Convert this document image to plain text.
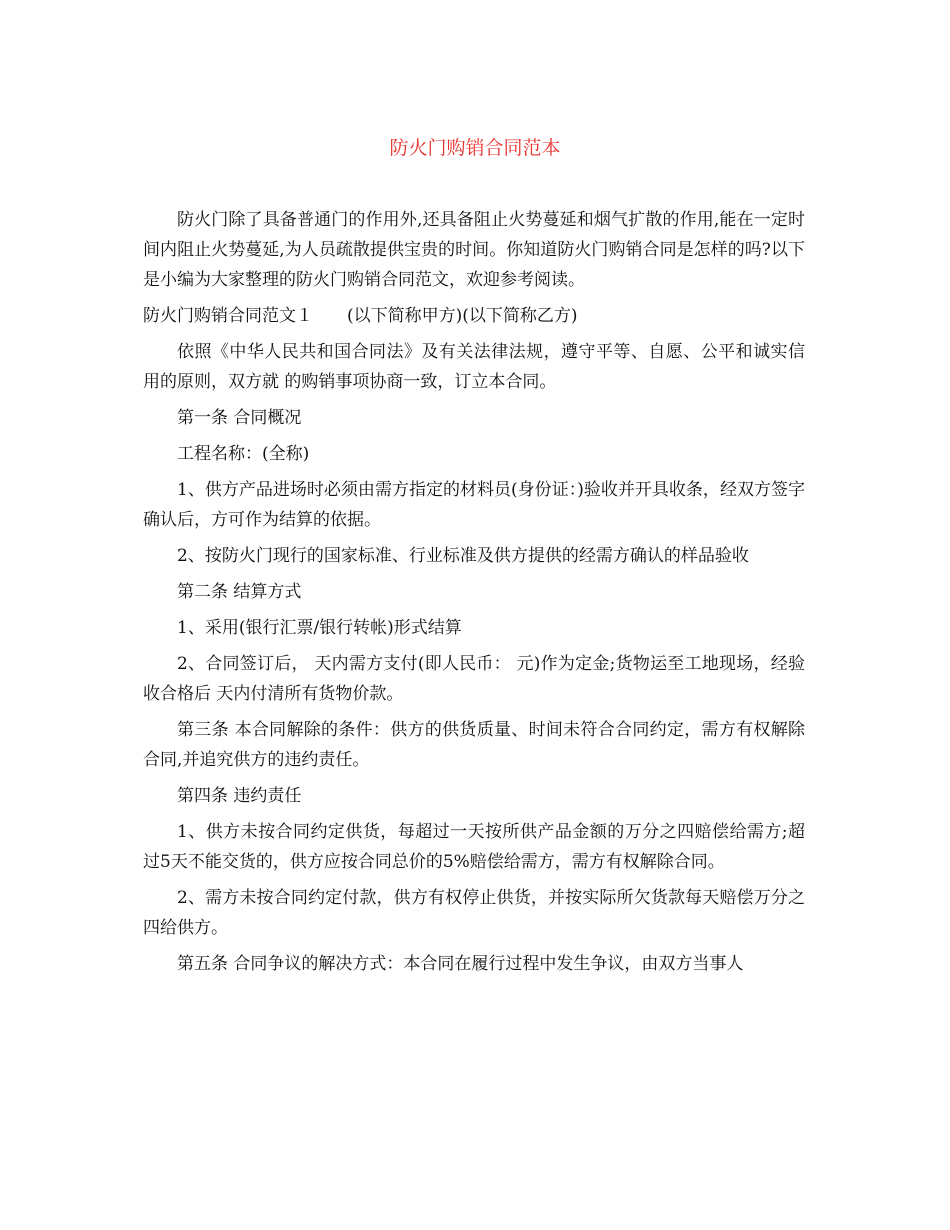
防火门购销合同范本

防火门除了具备普通门的作用外,还具备阻止火势蔓延和烟气扩散的作用,能在一定时间内阻止火势蔓延,为人员疏散提供宝贵的时间。你知道防火门购销合同是怎样的吗?以下是小编为大家整理的防火门购销合同范文，欢迎参考阅读。

防火门购销合同范文１　　(以下简称甲方)(以下简称乙方)

依照《中华人民共和国合同法》及有关法律法规，遵守平等、自愿、公平和诚实信用的原则，双方就 的购销事项协商一致，订立本合同。

第一条 合同概况

工程名称：(全称)

1、供方产品进场时必须由需方指定的材料员(身份证：)验收并开具收条，经双方签字确认后，方可作为结算的依据。

2、按防火门现行的国家标准、行业标准及供方提供的经需方确认的样品验收

第二条 结算方式

1、采用(银行汇票/银行转帐)形式结算

2、合同签订后， 天内需方支付(即人民币： 元)作为定金;货物运至工地现场，经验收合格后 天内付清所有货物价款。

第三条 本合同解除的条件：供方的供货质量、时间未符合合同约定，需方有权解除合同,并追究供方的违约责任。

第四条 违约责任

1、供方未按合同约定供货，每超过一天按所供产品金额的万分之四赔偿给需方;超过5天不能交货的，供方应按合同总价的5%赔偿给需方，需方有权解除合同。

2、需方未按合同约定付款，供方有权停止供货，并按实际所欠货款每天赔偿万分之四给供方。

第五条 合同争议的解决方式：本合同在履行过程中发生争议，由双方当事人
